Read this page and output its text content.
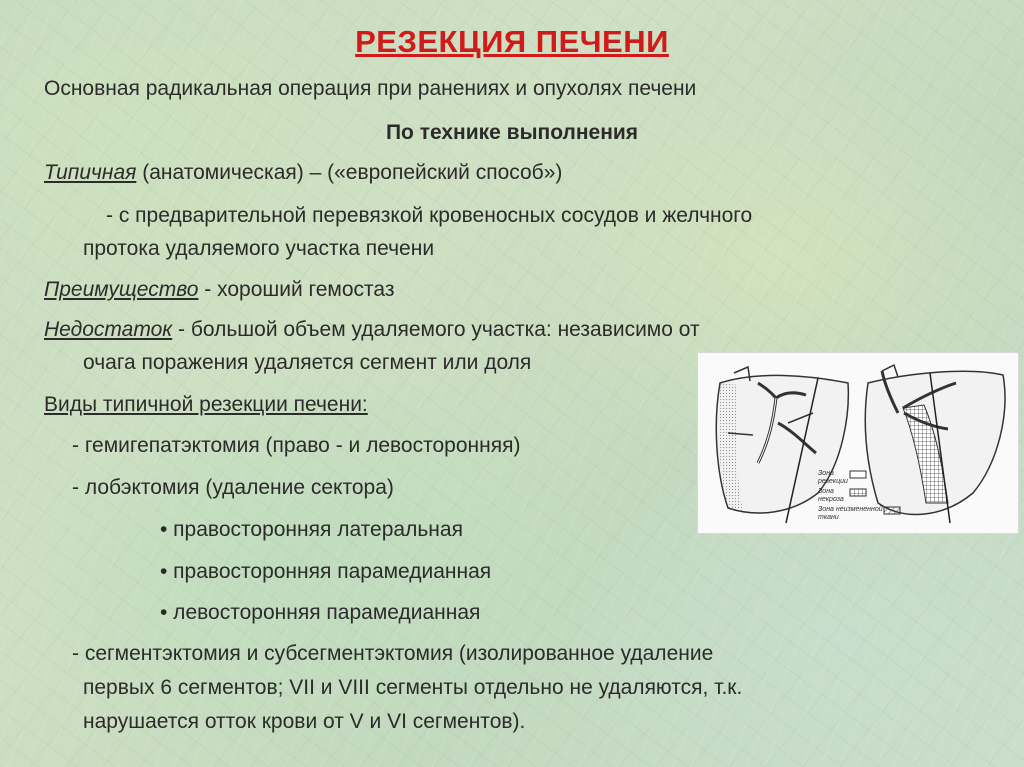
РЕЗЕКЦИЯ ПЕЧЕНИ
Основная радикальная операция при ранениях и опухолях печени
По технике выполнения
Типичная (анатомическая) – («европейский способ»)
- с предварительной перевязкой кровеносных сосудов и желчного
протока удаляемого участка печени
Преимущество - хороший гемостаз
Недостаток - большой объем удаляемого участка: независимо от
очага поражения удаляется сегмент или доля
Виды типичной резекции печени:
- гемигепатэктомия (право - и левосторонняя)
- лобэктомия (удаление сектора)
• правосторонняя латеральная
• правосторонняя парамедианная
• левосторонняя парамедианная
- сегментэктомия и субсегментэктомия (изолированное удаление
первых 6 сегментов; VII и VIII сегменты отдельно не удаляются, т.к.
нарушается отток крови от V и VI сегментов).
Зона
резекции
Зона
некроза
Зона неизмененной
ткани
